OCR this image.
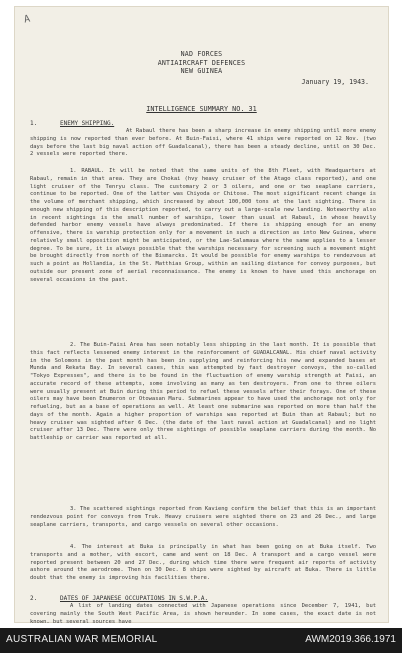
A
NAD FORCES
ANTIAIRCRAFT DEFENCES
NEW GUINEA
January 19, 1943.
INTELLIGENCE SUMMARY NO. 31
1.	ENEMY SHIPPING.
At Rabaul there has been a sharp increase in enemy shipping until more enemy shipping is now reported than ever before. At Buin-Faisi, where 41 ships were reported on 12 Nov. (two days before the last big naval action off Guadalcanal), there has been a steady decline, until on 30 Dec. 2 vessels were reported there.
1. RABAUL. It will be noted that the same units of the 8th Fleet, with Headquarters at Rabaul, remain in that area. They are Chokai (hvy heavy cruiser of the Atago class reported), and one light cruiser of the Tenryu class. The customary 2 or 3 oilers, and one or two seaplane carriers, continue to be reported. One of the latter was Chiyoda or Chitose. The most significant recent change is the volume of merchant shipping, which increased by about 100,000 tons at the last sighting. There is enough new shipping of this description reported, to carry out a large-scale new landing. Noteworthy also in recent sightings is the small number of warships, lower than usual at Rabaul, in whose heavily defended harbor enemy vessels have always predominated. If there is shipping enough for an enemy offensive, there is warship protection only for a movement in such a direction as into New Guinea, where relatively small opposition might be anticipated, or the Lae-Salamaua where the same applies to a lesser degree. To be sure, it is always possible that the warships necessary for screening such a movement might be brought directly from north of the Bismarcks. It would be possible for enemy warships to rendezvous at such a point as Hollandia, in the St. Matthias Group, within an sailing distance for convoy purposes, but outside our present zone of aerial reconnaissance. The enemy is known to have used this anchorage on several occasions in the past.
2. The Buin-Faisi Area has seen notably less shipping in the last month. It is possible that this fact reflects lessened enemy interest in the reinforcement of GUADALCANAL. His chief naval activity in the Solomons in the past month has been in supplying and reinforcing his new and expanded bases at Munda and Rekata Bay. In several cases, this was attempted by fast destroyer convoys, the so-called "Tokyo Expresses", and there is to be found in the fluctuation of enemy warship strength at Faisi, an accurate record of these attempts, some involving as many as ten destroyers. From one to three oilers were usually present at Buin during this period to refuel these vessels after their forays. One of these oilers may have been Enumeron or Otowasan Maru. Submarines appear to have used the anchorage not only for refueling, but as a base of operations as well. At least one submarine was reported on more than half the days of the month. Again a higher proportion of warships was reported at Buin than at Rabaul; but no heavy cruiser was sighted after 6 Dec. (the date of the last naval action at Guadalcanal) and no light cruiser after 13 Dec. There were only three sightings of possible seaplane carriers during the month. No battleship or carrier was reported at all.
3. The scattered sightings reported from Kavieng confirm the belief that this is an important rendezvous point for convoys from Truk. Heavy cruisers were sighted there on 23 and 26 Dec., and large seaplane carriers, transports, and cargo vessels on several other occasions.
4. The interest at Buka is principally in what has been going on at Buka itself. Two transports and a mother, with escort, came and went on 18 Dec. A transport and a cargo vessel were reported present between 20 and 27 Dec., during which time there were frequent air reports of activity ashore around the aerodrome. Then on 30 Dec. 8 ships were sighted by aircraft at Buka. There is little doubt that the enemy is improving his facilities there.
2.	DATES OF JAPANESE OCCUPATIONS IN S.W.P.A.
A list of landing dates connected with Japanese operations since December 7, 1941, but covering mainly the South West Pacific Area, is shown hereunder. In some cases, the exact date is not known, but several sources have
AUSTRALIAN WAR MEMORIAL	AWM2019.366.1971
